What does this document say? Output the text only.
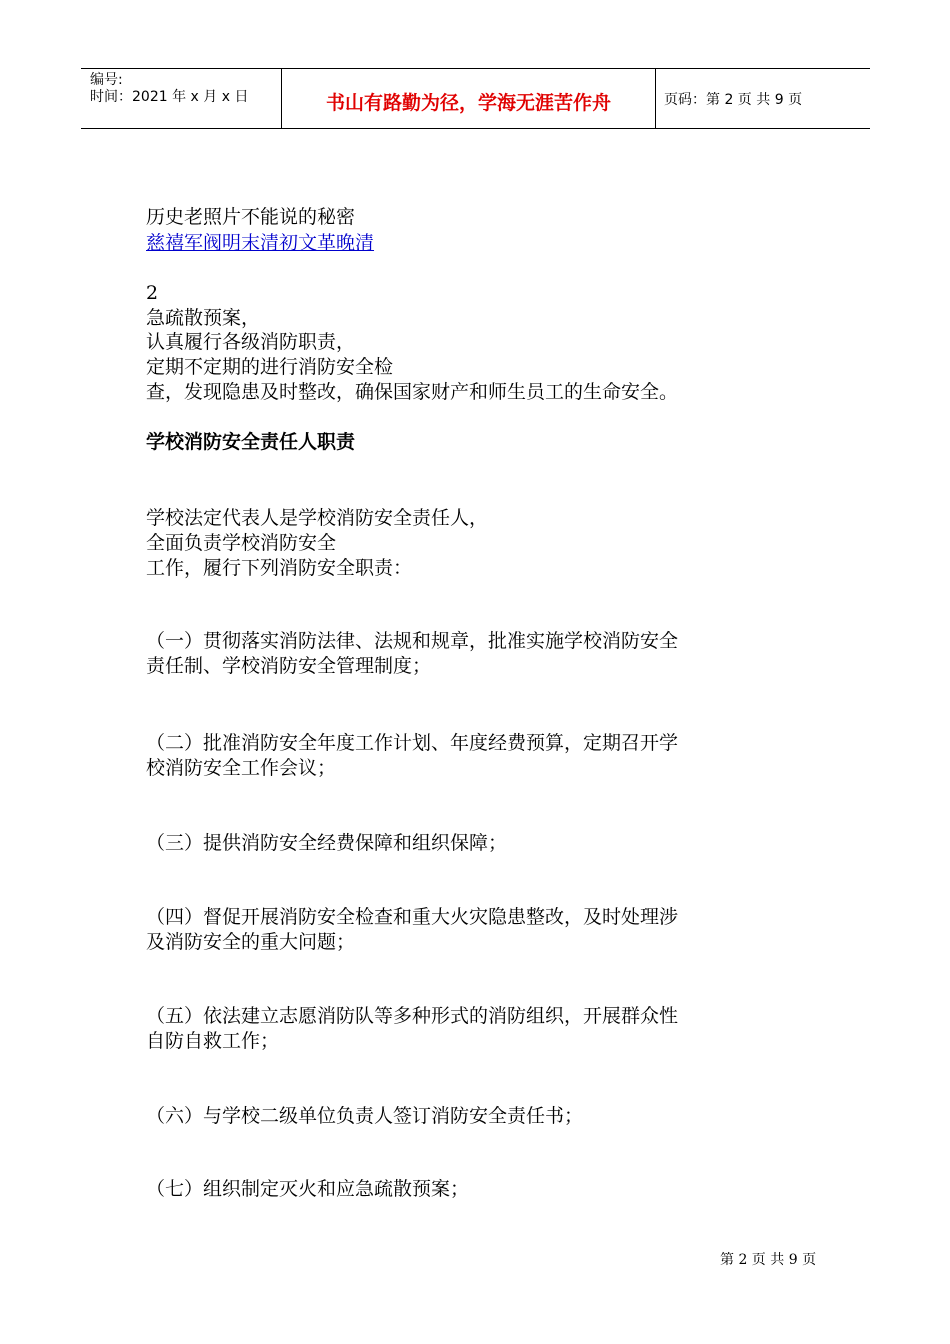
编号:
时间：2021 年 x 月 x 日	书山有路勤为径，学海无涯苦作舟	页码：第 2 页 共 9 页
历史老照片不能说的秘密
慈禧军阀明末清初文革晚清
2
急疏散预案，
认真履行各级消防职责，
定期不定期的进行消防安全检
查，发现隐患及时整改，确保国家财产和师生员工的生命安全。
学校消防安全责任人职责
学校法定代表人是学校消防安全责任人，
全面负责学校消防安全
工作，履行下列消防安全职责：
（一）贯彻落实消防法律、法规和规章，批准实施学校消防安全
责任制、学校消防安全管理制度；
（二）批准消防安全年度工作计划、年度经费预算，定期召开学
校消防安全工作会议；
（三）提供消防安全经费保障和组织保障；
（四）督促开展消防安全检查和重大火灾隐患整改，及时处理涉
及消防安全的重大问题；
（五）依法建立志愿消防队等多种形式的消防组织，开展群众性
自防自救工作；
（六）与学校二级单位负责人签订消防安全责任书；
（七）组织制定灭火和应急疏散预案；
第 2 页 共 9 页
